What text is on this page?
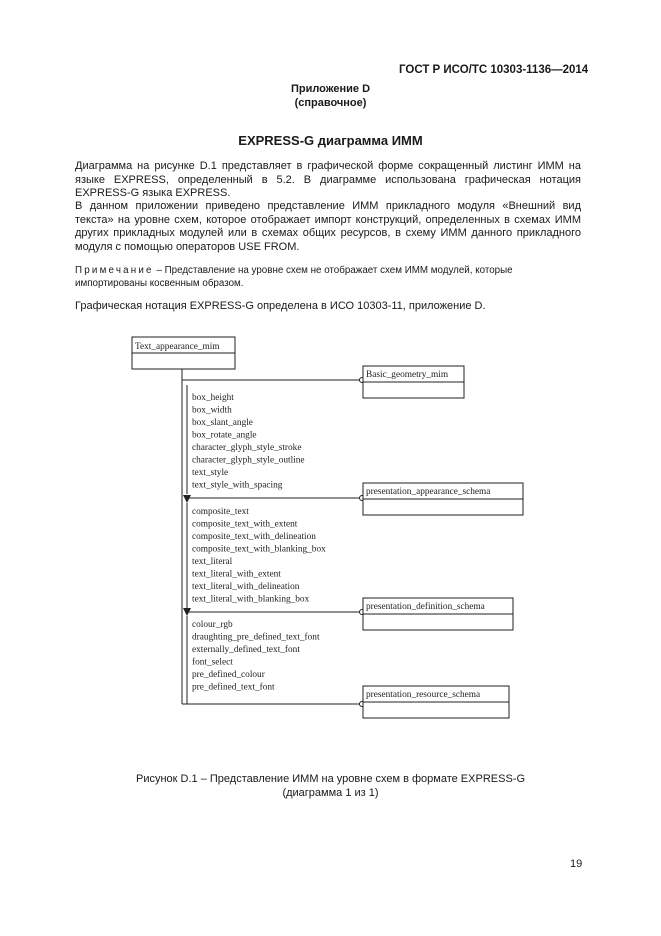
ГОСТ Р ИСО/ТС 10303-1136—2014
Приложение D
(справочное)
EXPRESS-G диаграмма ИММ

Диаграмма на рисунке D.1 представляет в графической форме сокращенный листинг ИММ на языке EXPRESS, определенный в 5.2. В диаграмме использована графическая нотация EXPRESS-G языка EXPRESS.

В данном приложении приведено представление ИММ прикладного модуля «Внешний вид текста» на уровне схем, которое отображает импорт конструкций, определенных в схемах ИММ других прикладных модулей или в схемах общих ресурсов, в схему ИММ данного прикладного модуля с помощью операторов USE FROM.

Примечание – Представление на уровне схем не отображает схем ИММ модулей, которые импортированы косвенным образом.
Графическая нотация EXPRESS-G определена в ИСО 10303-11, приложение D.
Text_appearance_mim
Basic_geometry_mim
presentation_appearance_schema
presentation_definition_schema
presentation_resource_schema
box_height
box_width
box_slant_angle
box_rotate_angle
character_glyph_style_stroke
character_glyph_style_outline
text_style
text_style_with_spacing
composite_text
composite_text_with_extent
composite_text_with_delineation
composite_text_with_blanking_box
text_literal
text_literal_with_extent
text_literal_with_delineation
text_literal_with_blanking_box
colour_rgb
draughting_pre_defined_text_font
externally_defined_text_font
font_select
pre_defined_colour
pre_defined_text_font
Рисунок D.1 – Представление ИММ на уровне схем в формате EXPRESS-G
(диаграмма 1 из 1)
19
